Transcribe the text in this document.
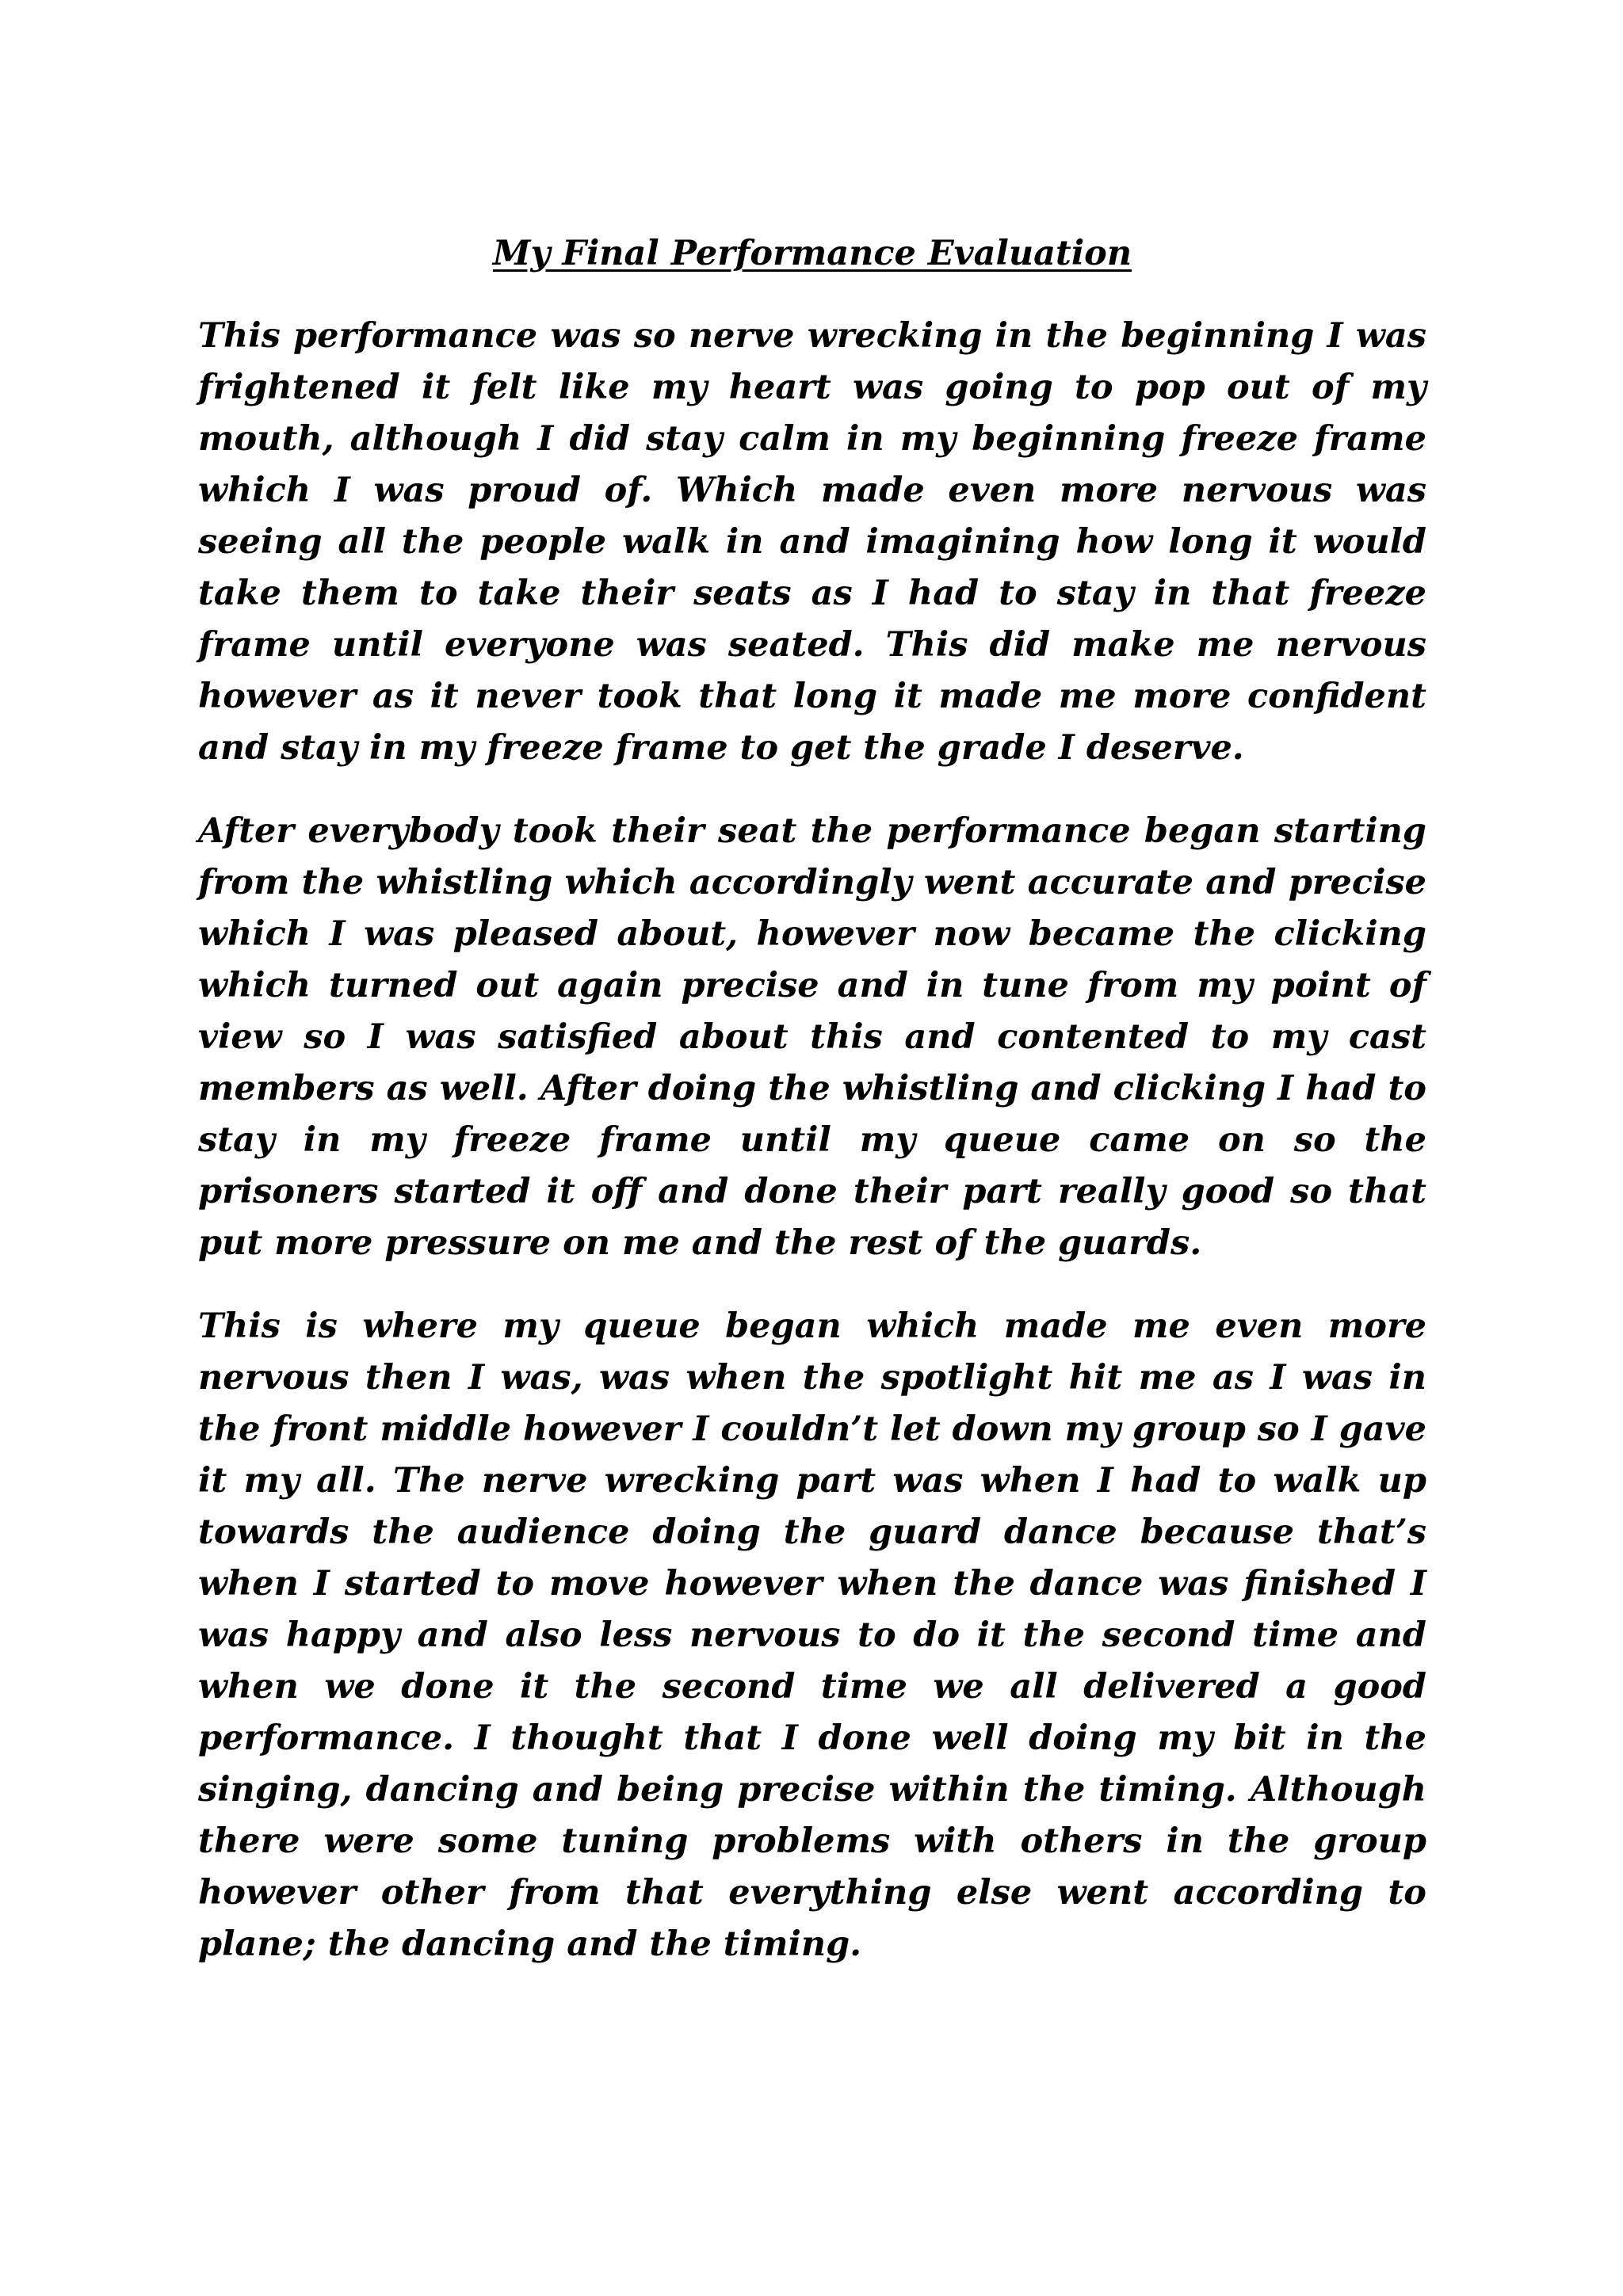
My Final Performance Evaluation

This performance was so nerve wrecking in the beginning I was frightened it felt like my heart was going to pop out of my mouth, although I did stay calm in my beginning freeze frame which I was proud of. Which made even more nervous was seeing all the people walk in and imagining how long it would take them to take their seats as I had to stay in that freeze frame until everyone was seated. This did make me nervous however as it never took that long it made me more confident and stay in my freeze frame to get the grade I deserve.

After everybody took their seat the performance began starting from the whistling which accordingly went accurate and precise which I was pleased about, however now became the clicking which turned out again precise and in tune from my point of view so I was satisfied about this and contented to my cast members as well. After doing the whistling and clicking I had to stay in my freeze frame until my queue came on so the prisoners started it off and done their part really good so that put more pressure on me and the rest of the guards.

This is where my queue began which made me even more nervous then I was, was when the spotlight hit me as I was in the front middle however I couldn’t let down my group so I gave it my all. The nerve wrecking part was when I had to walk up towards the audience doing the guard dance because that’s when I started to move however when the dance was finished I was happy and also less nervous to do it the second time and when we done it the second time we all delivered a good performance. I thought that I done well doing my bit in the singing, dancing and being precise within the timing. Although there were some tuning problems with others in the group however other from that everything else went according to plane; the dancing and the timing.
